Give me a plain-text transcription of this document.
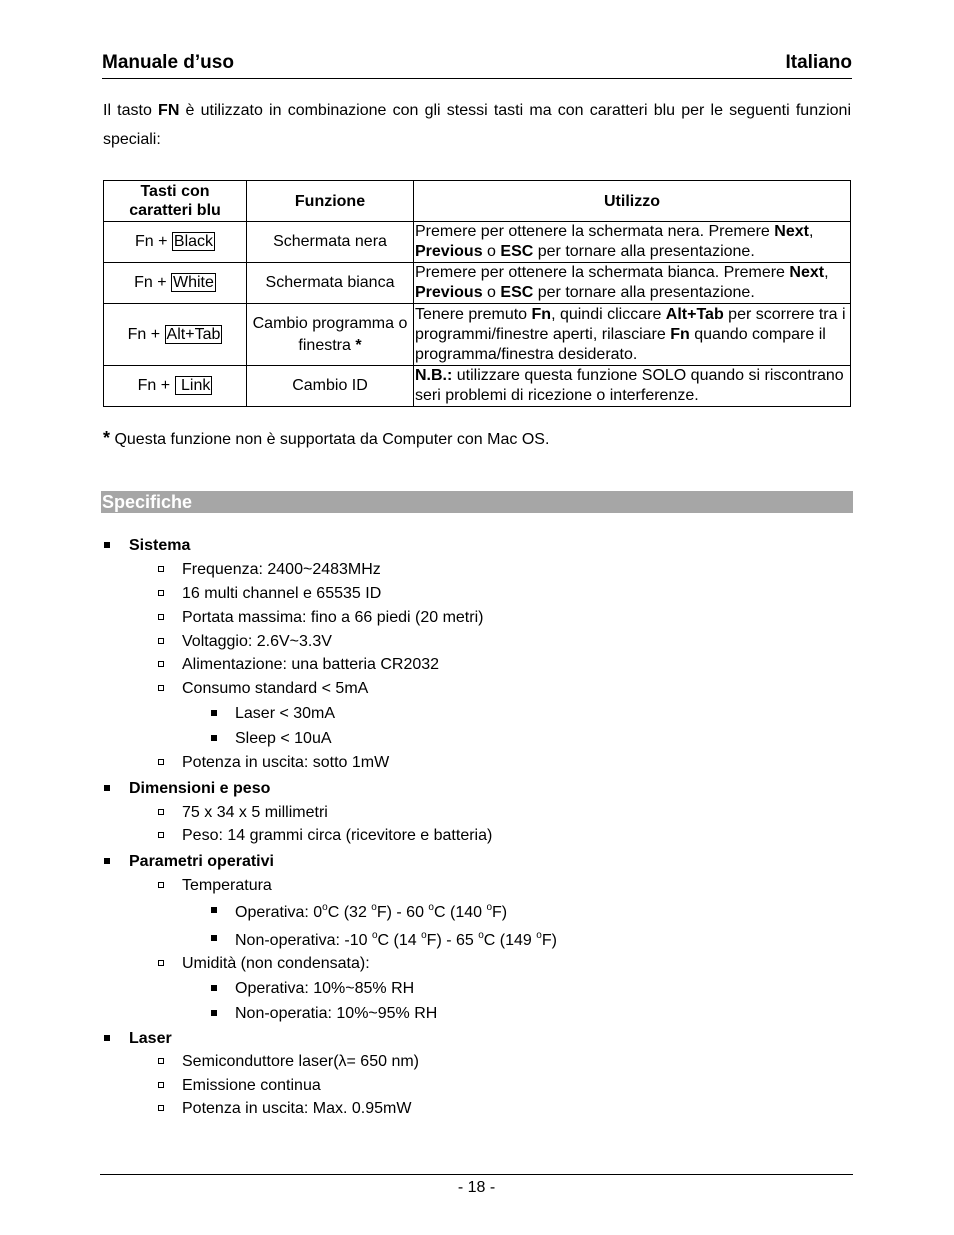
Manuale d’uso	Italiano
Il tasto FN è utilizzato in combinazione con gli stessi tasti ma con caratteri blu per le seguenti funzioni speciali:
Tasti con caratteri blu	Funzione	Utilizzo
Fn + Black	Schermata nera	Premere per ottenere la schermata nera. Premere Next, Previous o ESC per tornare alla presentazione.
Fn + White	Schermata bianca	Premere per ottenere la schermata bianca. Premere Next, Previous o ESC per tornare alla presentazione.
Fn + Alt+Tab	Cambio programma o finestra *	Tenere premuto Fn, quindi cliccare Alt+Tab per scorrere tra i programmi/finestre aperti, rilasciare Fn quando compare il programma/finestra desiderato.
Fn +  Link	Cambio ID	N.B.: utilizzare questa funzione SOLO quando si riscontrano seri problemi di ricezione o interferenze.
* Questa funzione non è supportata da Computer con Mac OS.
Specifiche
Sistema
Frequenza: 2400~2483MHz
16 multi channel e 65535 ID
Portata massima: fino a 66 piedi (20 metri)
Voltaggio: 2.6V~3.3V
Alimentazione: una batteria CR2032
Consumo standard < 5mA
Laser < 30mA
Sleep < 10uA
Potenza in uscita: sotto 1mW
Dimensioni e peso
75 x 34 x 5 millimetri
Peso: 14 grammi circa (ricevitore e batteria)
Parametri operativi
Temperatura
Operativa: 0$^o$C (32 $^o$F) - 60 $^o$C (140 $^o$F)
Non-operativa: -10 $^o$C (14 $^o$F) - 65 $^o$C (149 $^o$F)
Umidità (non condensata):
Operativa: 10%~85% RH
Non-operatia: 10%~95% RH
Laser
Semiconduttore laser(λ= 650 nm)
Emissione continua
Potenza in uscita: Max. 0.95mW
- 18 -
